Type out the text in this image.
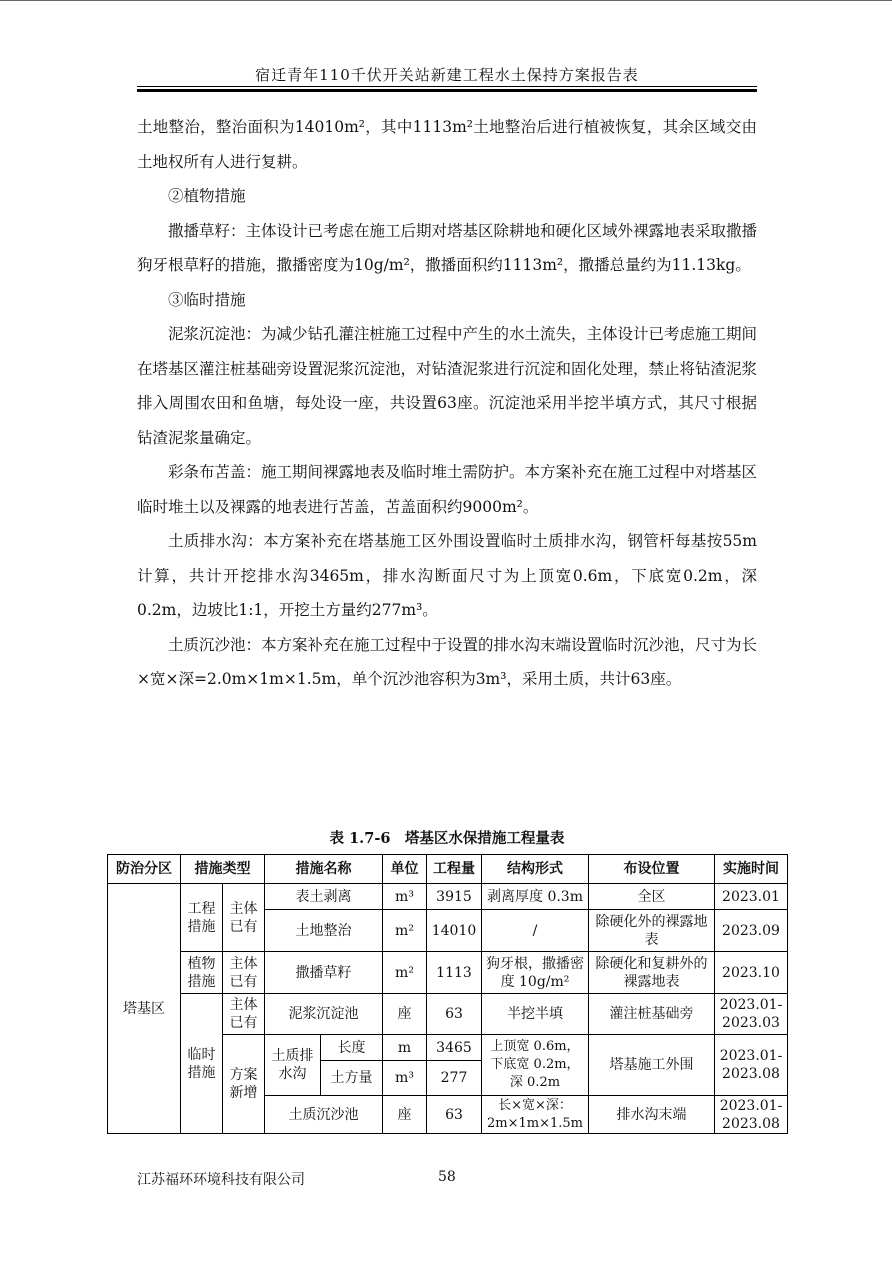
宿迁青年110千伏开关站新建工程水土保持方案报告表

土地整治，整治面积为14010m²，其中1113m²土地整治后进行植被恢复，其余区域交由土地权所有人进行复耕。

②植物措施

撒播草籽：主体设计已考虑在施工后期对塔基区除耕地和硬化区域外裸露地表采取撒播狗牙根草籽的措施，撒播密度为10g/m²，撒播面积约1113m²，撒播总量约为11.13kg。

③临时措施

泥浆沉淀池：为减少钻孔灌注桩施工过程中产生的水土流失，主体设计已考虑施工期间在塔基区灌注桩基础旁设置泥浆沉淀池，对钻渣泥浆进行沉淀和固化处理，禁止将钻渣泥浆排入周围农田和鱼塘，每处设一座，共设置63座。沉淀池采用半挖半填方式，其尺寸根据钻渣泥浆量确定。

彩条布苫盖：施工期间裸露地表及临时堆土需防护。本方案补充在施工过程中对塔基区临时堆土以及裸露的地表进行苫盖，苫盖面积约9000m²。

土质排水沟：本方案补充在塔基施工区外围设置临时土质排水沟，钢管杆每基按55m计算，共计开挖排水沟3465m，排水沟断面尺寸为上顶宽0.6m，下底宽0.2m，深0.2m，边坡比1:1，开挖土方量约277m³。

土质沉沙池：本方案补充在施工过程中于设置的排水沟末端设置临时沉沙池，尺寸为长×宽×深=2.0m×1m×1.5m，单个沉沙池容积为3m³，采用土质，共计63座。

表 1.7-6　塔基区水保措施工程量表
防治分区	措施类型		措施名称		单位	工程量	结构形式	布设位置	实施时间
塔基区	工程措施	主体已有	表土剥离		m³	3915	剥离厚度 0.3m	全区	2023.01
			土地整治		m²	14010	/	除硬化外的裸露地表	2023.09
	植物措施	主体已有	撒播草籽		m²	1113	狗牙根，撒播密度 10g/m²	除硬化和复耕外的裸露地表	2023.10
	临时措施	主体已有	泥浆沉淀池		座	63	半挖半填	灌注桩基础旁	2023.01-2023.03
		方案新增	土质排水沟	长度	m	3465	上顶宽 0.6m，下底宽 0.2m，深 0.2m	塔基施工外围	2023.01-2023.08
				土方量	m³	277			
			土质沉沙池		座	63	长×宽×深：2m×1m×1.5m	排水沟末端	2023.01-2023.08
江苏福环环境科技有限公司	58
